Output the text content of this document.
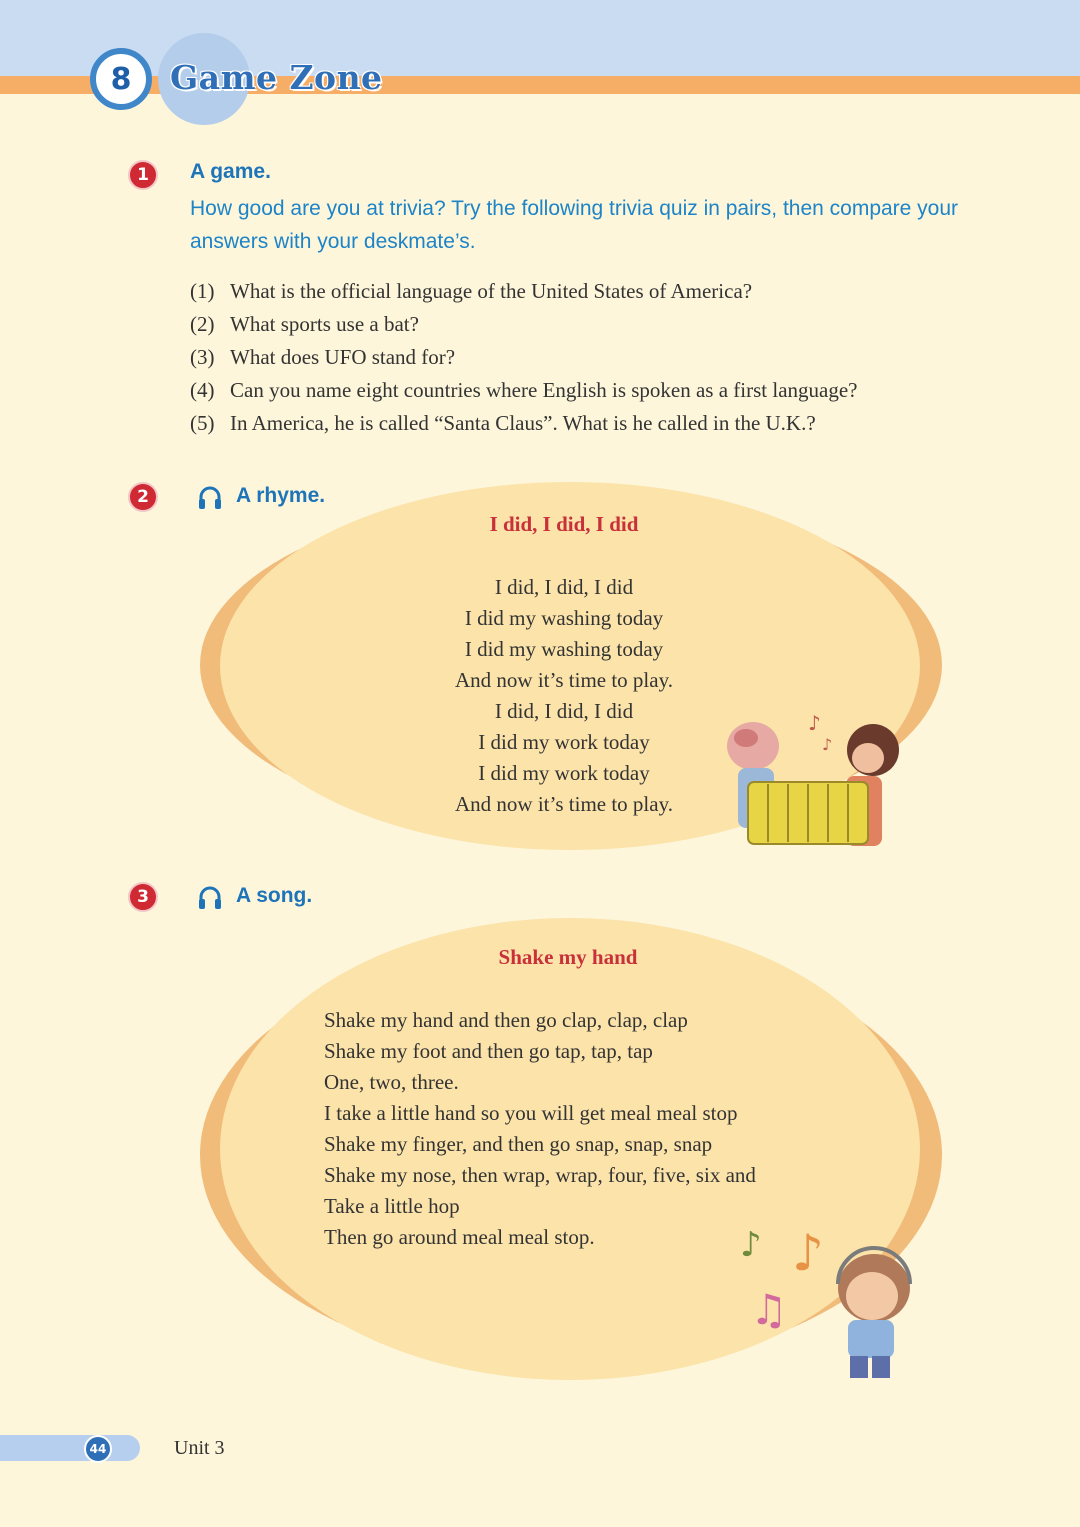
8	Game Zone
1	A game.

How good are you at trivia? Try the following trivia quiz in pairs, then compare your answers with your deskmate’s.

(1) What is the official language of the United States of America?
(2) What sports use a bat?
(3) What does UFO stand for?
(4) Can you name eight countries where English is spoken as a first language?
(5) In America, he is called “Santa Claus”. What is he called in the U.K.?
2	A rhyme.
I did, I did, I did
I did, I did, I did
I did my washing today
I did my washing today
And now it’s time to play.
I did, I did, I did
I did my work today
I did my work today
And now it’s time to play.
♪
♪
3	A song.
Shake my hand
Shake my hand and then go clap, clap, clap
Shake my foot and then go tap, tap, tap
One, two, three.
I take a little hand so you will get meal meal stop
Shake my finger, and then go snap, snap, snap
Shake my nose, then wrap, wrap, four, five, six and
Take a little hop
Then go around meal meal stop.	♪ ♪
♫
44	Unit 3
